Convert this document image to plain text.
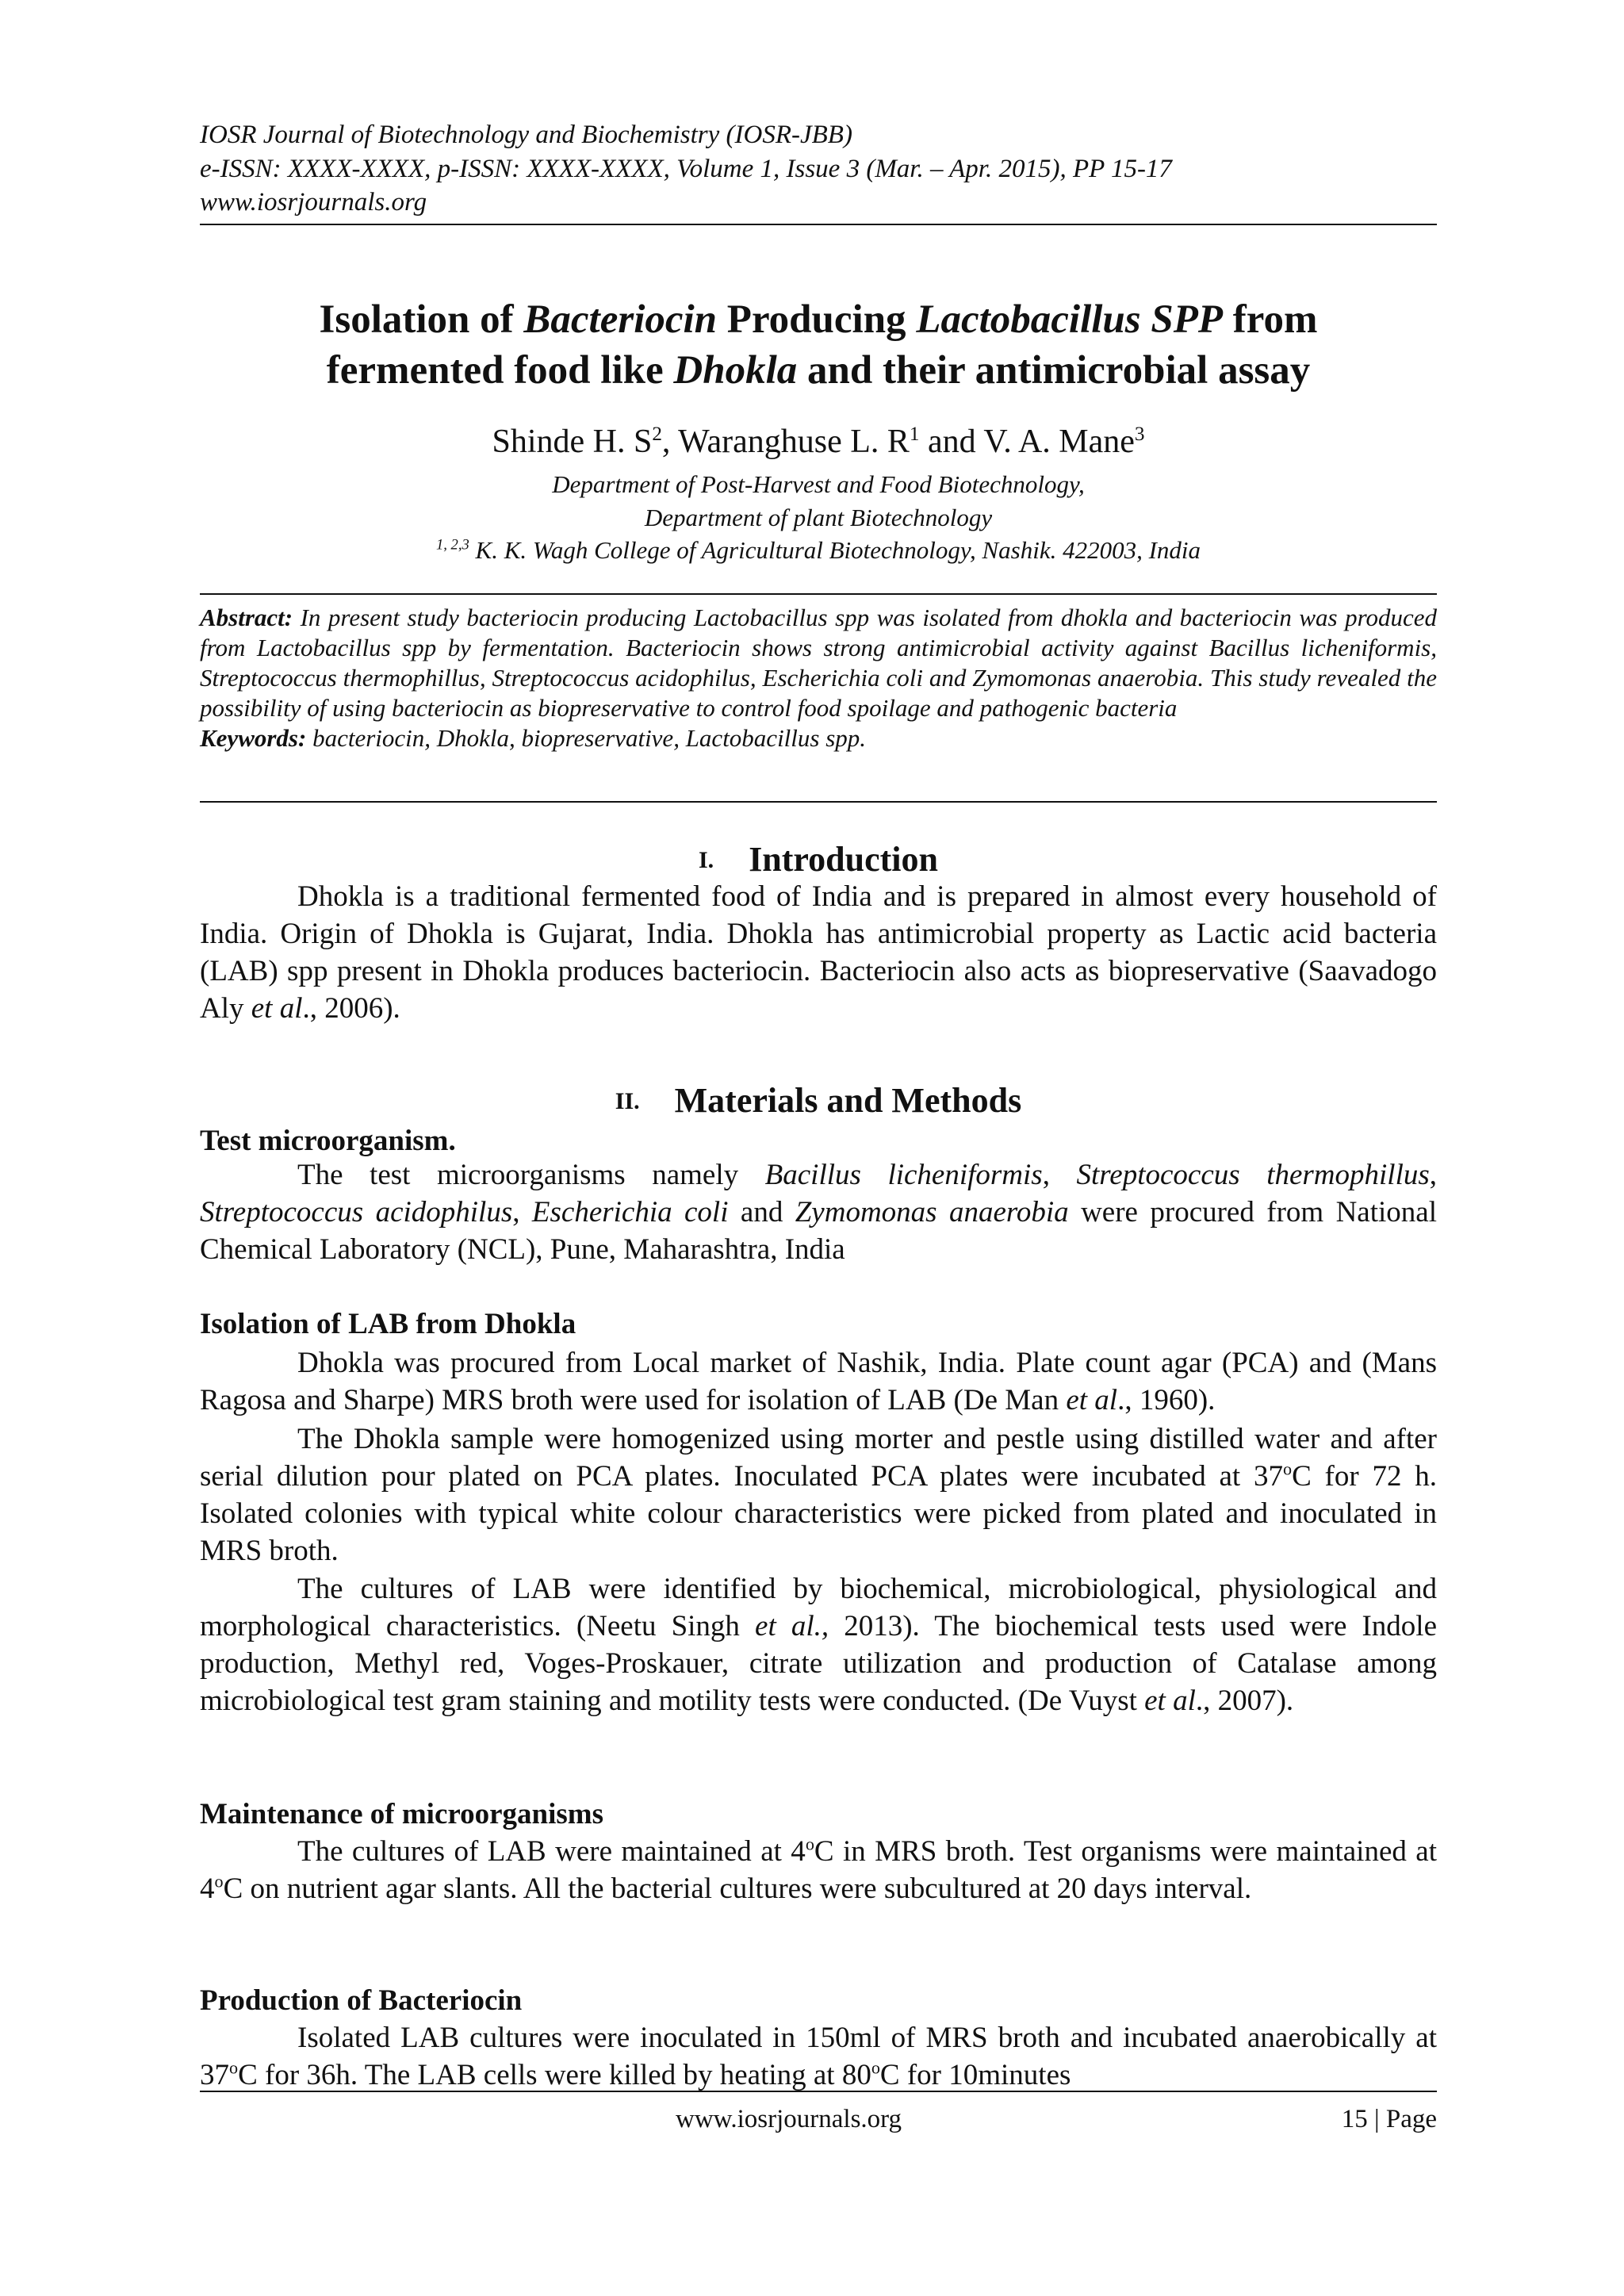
IOSR Journal of Biotechnology and Biochemistry (IOSR-JBB)
e-ISSN: XXXX-XXXX, p-ISSN: XXXX-XXXX, Volume 1, Issue 3 (Mar. – Apr. 2015), PP 15-17
www.iosrjournals.org
Isolation of Bacteriocin Producing Lactobacillus SPP from
fermented food like Dhokla and their antimicrobial assay
Shinde H. $S^2$, Waranghuse L. $R^1$ and V. A. Mane$^3$
Department of Post-Harvest and Food Biotechnology,
Department of plant Biotechnology
$^{1, 2,3}$ K. K. Wagh College of Agricultural Biotechnology, Nashik. 422003, India
Abstract: In present study bacteriocin producing Lactobacillus spp was isolated from dhokla and bacteriocin was produced from Lactobacillus spp by fermentation. Bacteriocin shows strong antimicrobial activity against Bacillus licheniformis, Streptococcus thermophillus, Streptococcus acidophilus, Escherichia coli and Zymomonas anaerobia. This study revealed the possibility of using bacteriocin as biopreservative to control food spoilage and pathogenic bacteria
Keywords: bacteriocin, Dhokla, biopreservative, Lactobacillus spp.
I. Introduction
Dhokla is a traditional fermented food of India and is prepared in almost every household of India. Origin of Dhokla is Gujarat, India. Dhokla has antimicrobial property as Lactic acid bacteria (LAB) spp present in Dhokla produces bacteriocin. Bacteriocin also acts as biopreservative (Saavadogo Aly et al., 2006).
II. Materials and Methods
Test microorganism.
The test microorganisms namely Bacillus licheniformis, Streptococcus thermophillus, Streptococcus acidophilus, Escherichia coli and Zymomonas anaerobia were procured from National Chemical Laboratory (NCL), Pune, Maharashtra, India
Isolation of LAB from Dhokla
Dhokla was procured from Local market of Nashik, India. Plate count agar (PCA) and (Mans Ragosa and Sharpe) MRS broth were used for isolation of LAB (De Man et al., 1960).
The Dhokla sample were homogenized using morter and pestle using distilled water and after serial dilution pour plated on PCA plates. Inoculated PCA plates were incubated at 37$^o$C for 72 h. Isolated colonies with typical white colour characteristics were picked from plated and inoculated in MRS broth.
The cultures of LAB were identified by biochemical, microbiological, physiological and morphological characteristics. (Neetu Singh et al., 2013). The biochemical tests used were Indole production, Methyl red, Voges-Proskauer, citrate utilization and production of Catalase among microbiological test gram staining and motility tests were conducted. (De Vuyst et al., 2007).
Maintenance of microorganisms
The cultures of LAB were maintained at 4$^o$C in MRS broth. Test organisms were maintained at 4$^o$C on nutrient agar slants. All the bacterial cultures were subcultured at 20 days interval.
Production of Bacteriocin
Isolated LAB cultures were inoculated in 150ml of MRS broth and incubated anaerobically at 37$^o$C for 36h. The LAB cells were killed by heating at 80$^o$C for 10minutes
www.iosrjournals.org	15 | Page
